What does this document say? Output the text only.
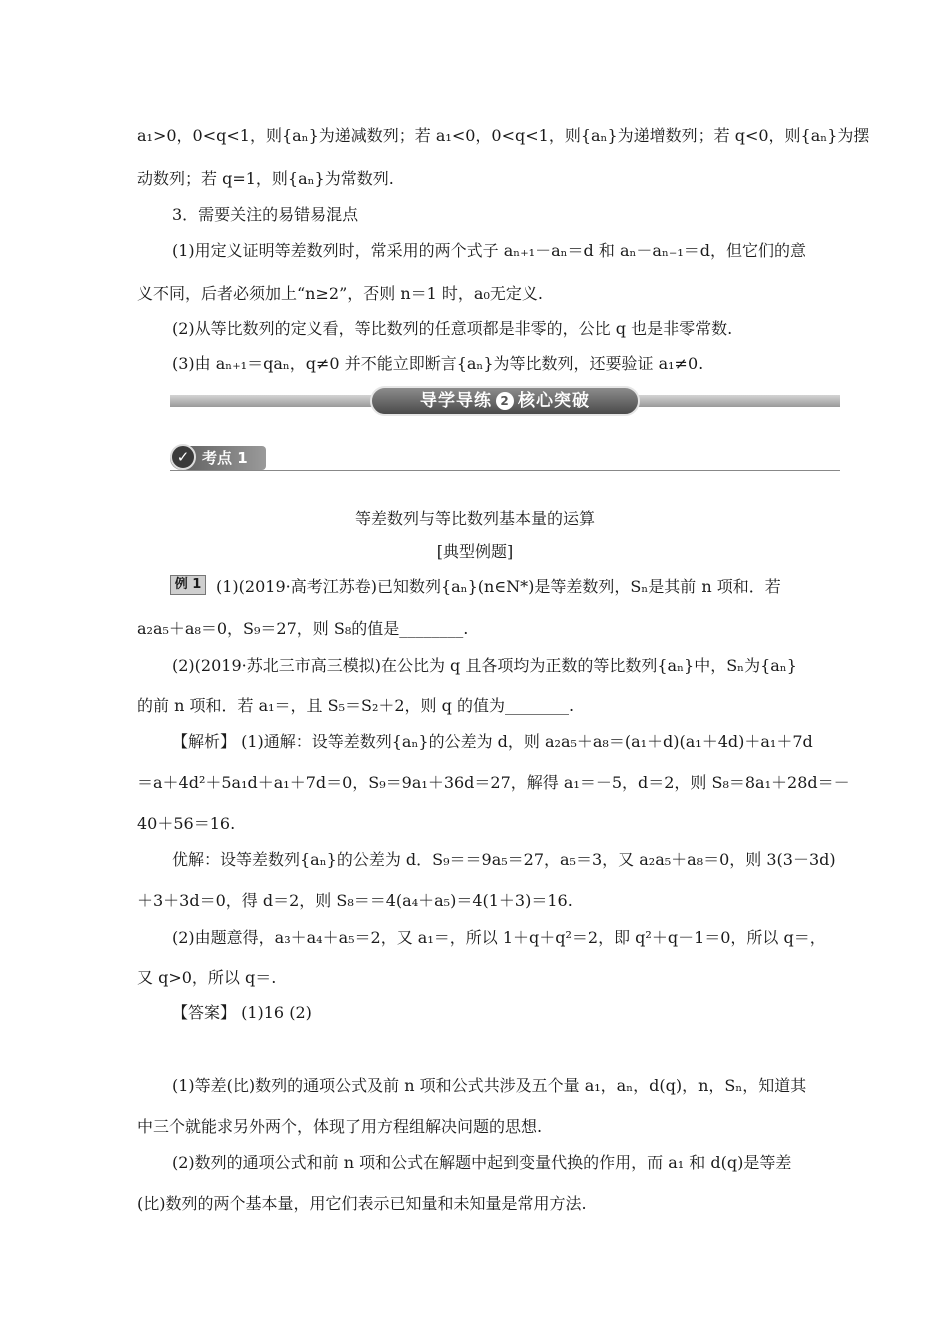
a₁>0，0<q<1，则{aₙ}为递减数列；若 a₁<0，0<q<1，则{aₙ}为递增数列；若 q<0，则{aₙ}为摆
动数列；若 q=1，则{aₙ}为常数列.
3．需要关注的易错易混点
(1)用定义证明等差数列时，常采用的两个式子 aₙ₊₁－aₙ＝d 和 aₙ－aₙ₋₁＝d，但它们的意
义不同，后者必须加上“n≥2”，否则 n＝1 时，a₀无定义.
(2)从等比数列的定义看，等比数列的任意项都是非零的，公比 q 也是非零常数.
(3)由 aₙ₊₁＝qaₙ，q≠0 并不能立即断言{aₙ}为等比数列，还要验证 a₁≠0.
导学导练 2 核心突破
✓ 考点 1
等差数列与等比数列基本量的运算
[典型例题]
例 1 (1)(2019·高考江苏卷)已知数列{aₙ}(n∈N*)是等差数列，Sₙ是其前 n 项和．若
a₂a₅＋a₈＝0，S₉＝27，则 S₈的值是________.
(2)(2019·苏北三市高三模拟)在公比为 q 且各项均为正数的等比数列{aₙ}中，Sₙ为{aₙ}
的前 n 项和．若 a₁＝，且 S₅＝S₂＋2，则 q 的值为________.
【解析】 (1)通解：设等差数列{aₙ}的公差为 d，则 a₂a₅＋a₈＝(a₁＋d)(a₁＋4d)＋a₁＋7d
＝a＋4d²＋5a₁d＋a₁＋7d＝0，S₉＝9a₁＋36d＝27，解得 a₁＝－5，d＝2，则 S₈＝8a₁＋28d＝－
40＋56＝16.
优解：设等差数列{aₙ}的公差为 d．S₉＝＝9a₅＝27，a₅＝3，又 a₂a₅＋a₈＝0，则 3(3－3d)
＋3＋3d＝0，得 d＝2，则 S₈＝＝4(a₄＋a₅)＝4(1＋3)＝16.
(2)由题意得，a₃＋a₄＋a₅＝2，又 a₁＝，所以 1＋q＋q²＝2，即 q²＋q－1＝0，所以 q＝，
又 q>0，所以 q＝.
【答案】 (1)16 (2)
(1)等差(比)数列的通项公式及前 n 项和公式共涉及五个量 a₁，aₙ，d(q)，n，Sₙ，知道其
中三个就能求另外两个，体现了用方程组解决问题的思想.
(2)数列的通项公式和前 n 项和公式在解题中起到变量代换的作用，而 a₁ 和 d(q)是等差
(比)数列的两个基本量，用它们表示已知量和未知量是常用方法.
